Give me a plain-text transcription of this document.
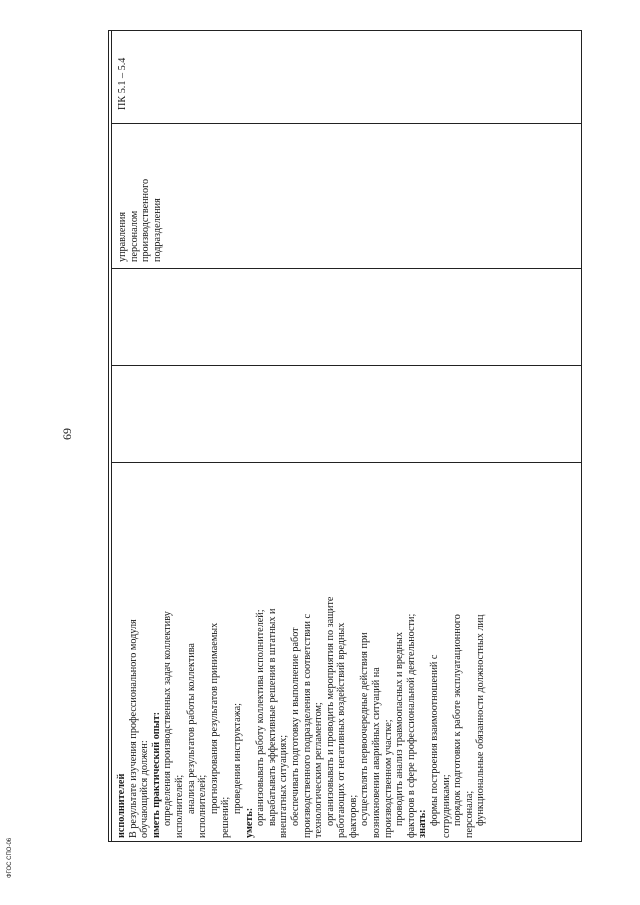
69
ФГОС СПО-06
исполнителей В результате изучения профессионального модуля обучающийся должен: иметь практический опыт: определения производственных задач коллективу исполнителей; анализа результатов работы коллектива исполнителей; прогнозирования результатов принимаемых
решений;
проведения инструктажа;
уметь: организовывать работу коллектива исполнителей; вырабатывать эффективные решения в штатных и внештатных ситуациях; обеспечивать подготовку и выполнение работ производственного подразделения в соответствии с технологическим регламентом; организовывать и проводить мероприятия по защите работающих от негативных воздействий вредных факторов; осуществлять первоочередные действия при возникновении аварийных ситуаций на производственном участке; проводить анализ травмоопасных и вредных факторов в сфере профессиональной деятельности; знать: формы построения взаимоотношений с сотрудниками; порядок подготовки к работе эксплуатационного персонала; функциональные обязанности должностных лиц
управления персоналом производственного подразделения
ПК 5.1 – 5.4
